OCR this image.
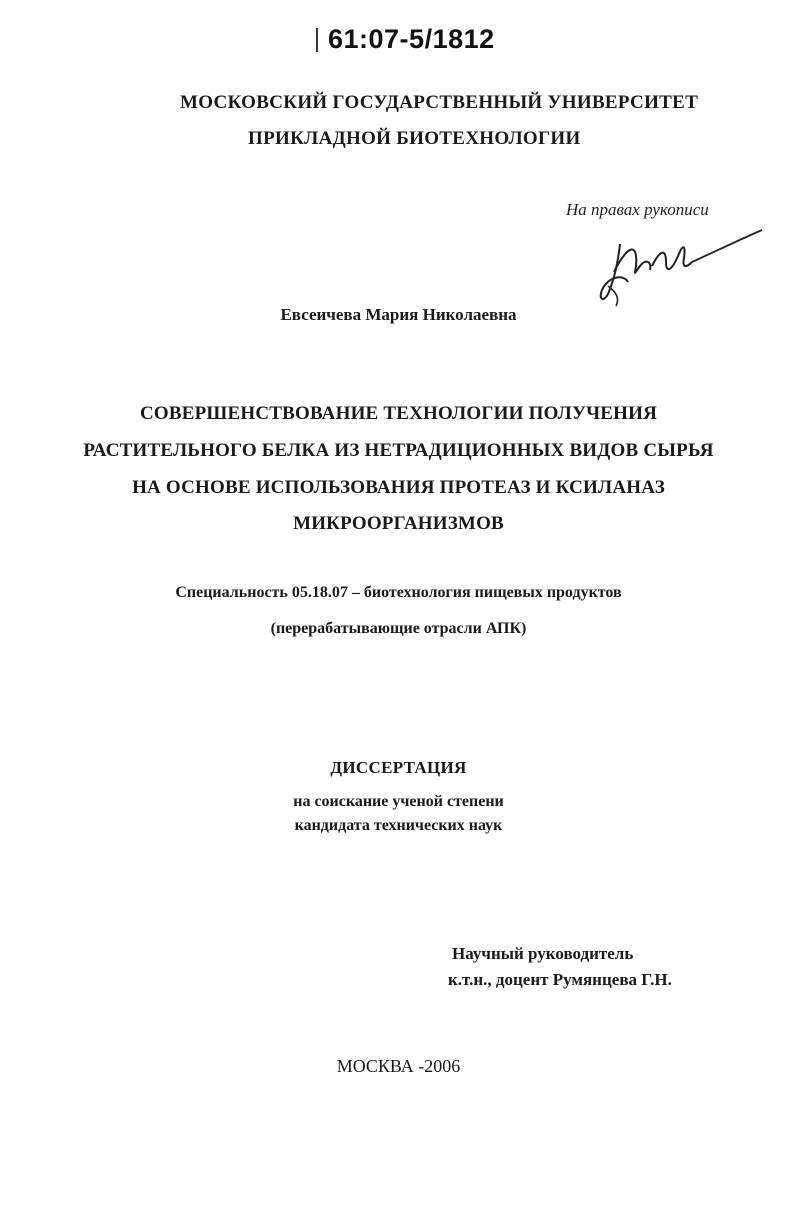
61:07-5/1812
МОСКОВСКИЙ ГОСУДАРСТВЕННЫЙ УНИВЕРСИТЕТ
ПРИКЛАДНОЙ БИОТЕХНОЛОГИИ
На правах рукописи
Евсеичева Мария Николаевна
СОВЕРШЕНСТВОВАНИЕ ТЕХНОЛОГИИ ПОЛУЧЕНИЯ
РАСТИТЕЛЬНОГО БЕЛКА ИЗ НЕТРАДИЦИОННЫХ ВИДОВ СЫРЬЯ
НА ОСНОВЕ ИСПОЛЬЗОВАНИЯ ПРОТЕАЗ И КСИЛАНАЗ
МИКРООРГАНИЗМОВ
Специальность 05.18.07 – биотехнология пищевых продуктов
(перерабатывающие отрасли АПК)
ДИССЕРТАЦИЯ
на соискание ученой степени
кандидата технических наук
Научный руководитель
к.т.н., доцент Румянцева Г.Н.
МОСКВА -2006
